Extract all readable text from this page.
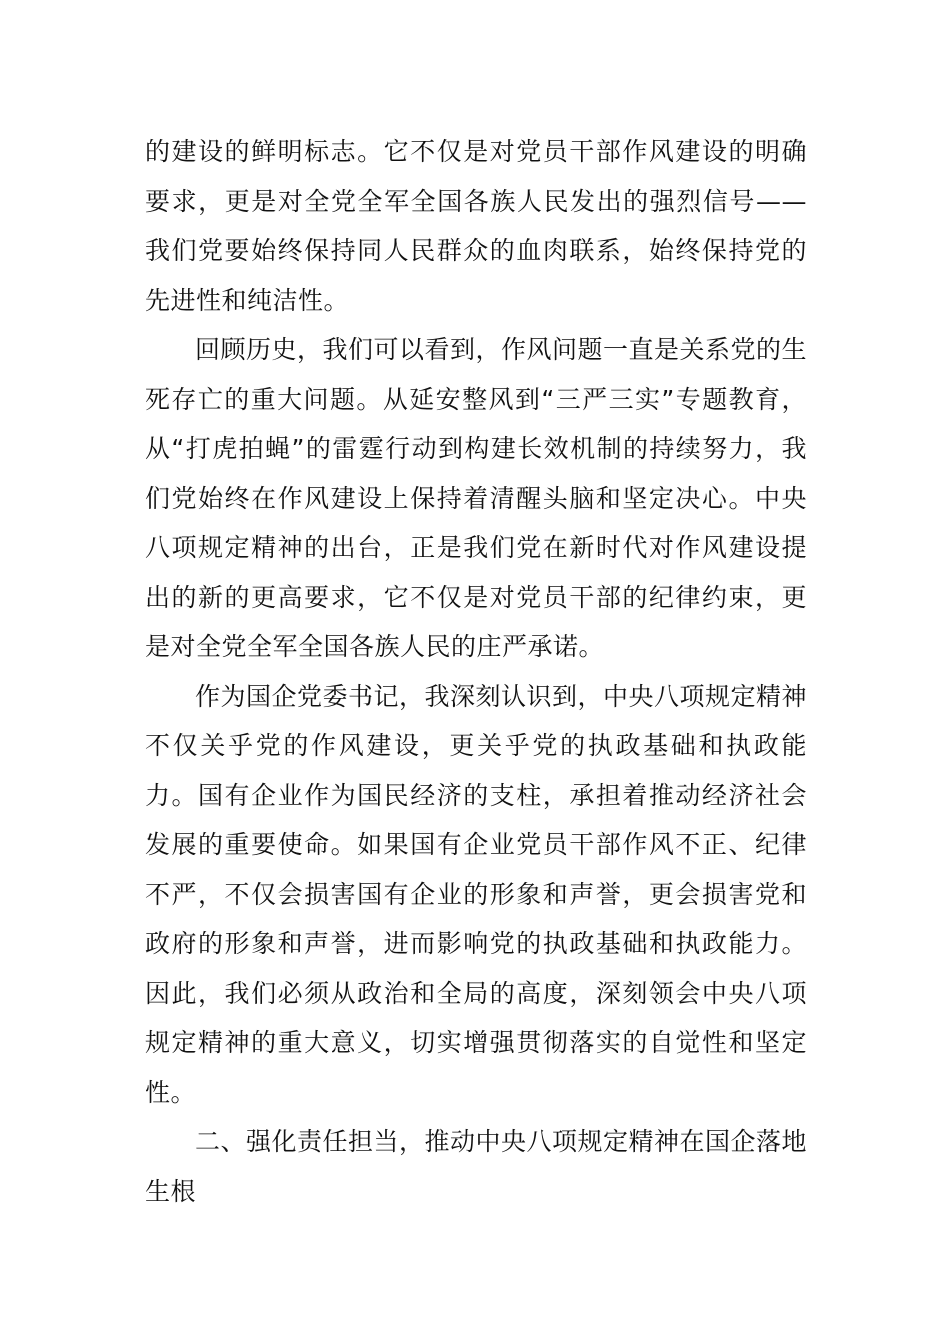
的建设的鲜明标志。它不仅是对党员干部作风建设的明确要求，更是对全党全军全国各族人民发出的强烈信号——我们党要始终保持同人民群众的血肉联系，始终保持党的先进性和纯洁性。

回顾历史，我们可以看到，作风问题一直是关系党的生死存亡的重大问题。从延安整风到“三严三实”专题教育，从“打虎拍蝇”的雷霆行动到构建长效机制的持续努力，我们党始终在作风建设上保持着清醒头脑和坚定决心。中央八项规定精神的出台，正是我们党在新时代对作风建设提出的新的更高要求，它不仅是对党员干部的纪律约束，更是对全党全军全国各族人民的庄严承诺。

作为国企党委书记，我深刻认识到，中央八项规定精神不仅关乎党的作风建设，更关乎党的执政基础和执政能力。国有企业作为国民经济的支柱，承担着推动经济社会发展的重要使命。如果国有企业党员干部作风不正、纪律不严，不仅会损害国有企业的形象和声誉，更会损害党和政府的形象和声誉，进而影响党的执政基础和执政能力。因此，我们必须从政治和全局的高度，深刻领会中央八项规定精神的重大意义，切实增强贯彻落实的自觉性和坚定性。

二、强化责任担当，推动中央八项规定精神在国企落地生根
